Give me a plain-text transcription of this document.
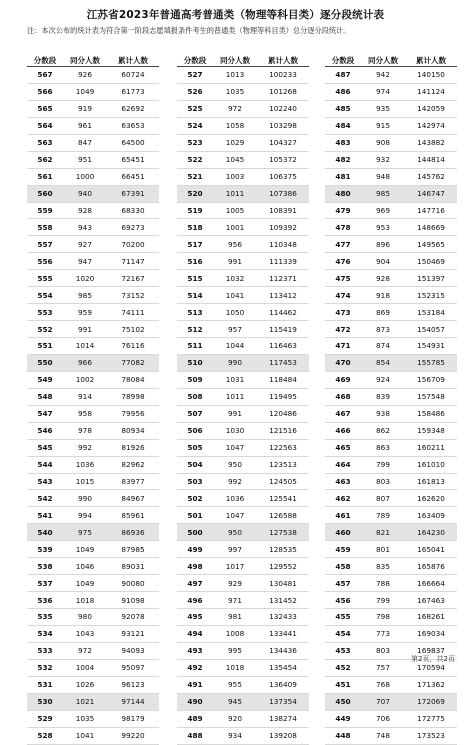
江苏省2023年普通高考普通类（物理等科目类）逐分段统计表
注：本次公布的统计表为符合第一阶段志愿填报条件考生的普通类（物理等科目类）总分逐分段统计。
分数段	同分人数	累计人数
567	926	60724
566	1049	61773
565	919	62692
564	961	63653
563	847	64500
562	951	65451
561	1000	66451
560	940	67391
559	928	68330
558	943	69273
557	927	70200
556	947	71147
555	1020	72167
554	985	73152
553	959	74111
552	991	75102
551	1014	76116
550	966	77082
549	1002	78084
548	914	78998
547	958	79956
546	978	80934
545	992	81926
544	1036	82962
543	1015	83977
542	990	84967
541	994	85961
540	975	86936
539	1049	87985
538	1046	89031
537	1049	90080
536	1018	91098
535	980	92078
534	1043	93121
533	972	94093
532	1004	95097
531	1026	96123
530	1021	97144
529	1035	98179
528	1041	99220
分数段	同分人数	累计人数
527	1013	100233
526	1035	101268
525	972	102240
524	1058	103298
523	1029	104327
522	1045	105372
521	1003	106375
520	1011	107386
519	1005	108391
518	1001	109392
517	956	110348
516	991	111339
515	1032	112371
514	1041	113412
513	1050	114462
512	957	115419
511	1044	116463
510	990	117453
509	1031	118484
508	1011	119495
507	991	120486
506	1030	121516
505	1047	122563
504	950	123513
503	992	124505
502	1036	125541
501	1047	126588
500	950	127538
499	997	128535
498	1017	129552
497	929	130481
496	971	131452
495	981	132433
494	1008	133441
493	995	134436
492	1018	135454
491	955	136409
490	945	137354
489	920	138274
488	934	139208
分数段	同分人数	累计人数
487	942	140150
486	974	141124
485	935	142059
484	915	142974
483	908	143882
482	932	144814
481	948	145762
480	985	146747
479	969	147716
478	953	148669
477	896	149565
476	904	150469
475	928	151397
474	918	152315
473	869	153184
472	873	154057
471	874	154931
470	854	155785
469	924	156709
468	839	157548
467	938	158486
466	862	159348
465	863	160211
464	799	161010
463	803	161813
462	807	162620
461	789	163409
460	821	164230
459	801	165041
458	835	165876
457	788	166664
456	799	167463
455	798	168261
454	773	169034
453	803	169837
452	757	170594
451	768	171362
450	707	172069
449	706	172775
448	748	173523
第2页，共2页
